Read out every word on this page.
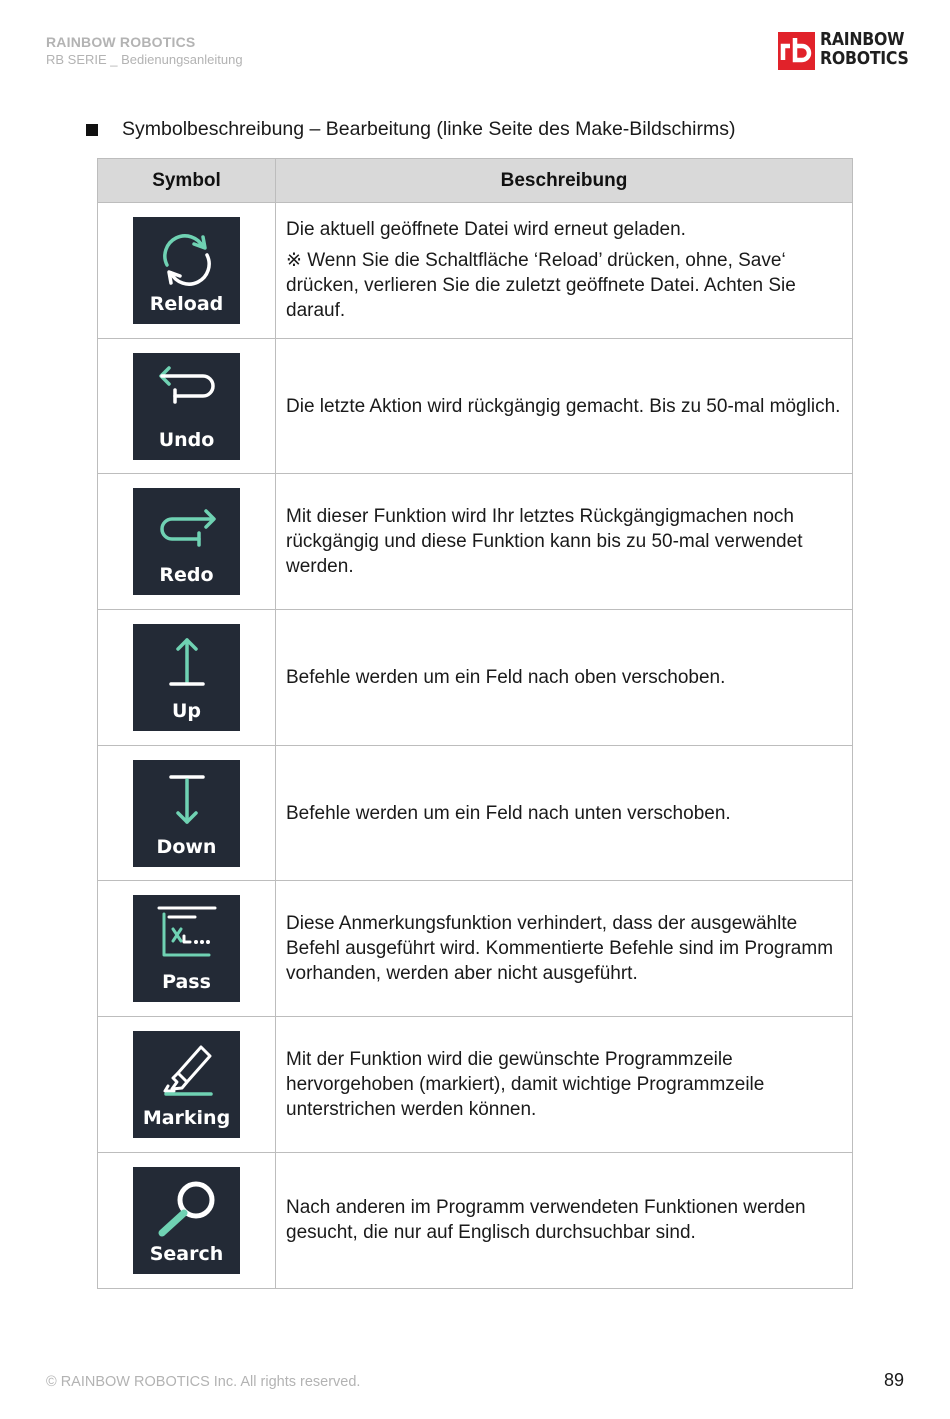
RAINBOW ROBOTICS
RB SERIE _ Bedienungsanleitung
RAINBOW
ROBOTICS
Symbolbeschreibung – Bearbeitung (linke Seite des Make-Bildschirms)
Symbol	Beschreibung

Reload	Die aktuell geöffnete Datei wird erneut geladen.
※ Wenn Sie die Schaltfläche ‘Reload’ drücken, ohne, Save‘ drücken, verlieren Sie die zuletzt geöffnete Datei. Achten Sie darauf.

Undo	Die letzte Aktion wird rückgängig gemacht. Bis zu 50-mal möglich.

Redo	Mit dieser Funktion wird Ihr letztes Rückgängigmachen noch rückgängig und diese Funktion kann bis zu 50-mal verwendet werden.

Up	Befehle werden um ein Feld nach oben verschoben.

Down	Befehle werden um ein Feld nach unten verschoben.

Pass	Diese Anmerkungsfunktion verhindert, dass der ausgewählte Befehl ausgeführt wird. Kommentierte Befehle sind im Programm vorhanden, werden aber nicht ausgeführt.

Marking	Mit der Funktion wird die gewünschte Programmzeile hervorgehoben (markiert), damit wichtige Programmzeile unterstrichen werden können.

Search	Nach anderen im Programm verwendeten Funktionen werden gesucht, die nur auf Englisch durchsuchbar sind.
© RAINBOW ROBOTICS Inc. All rights reserved.	89
